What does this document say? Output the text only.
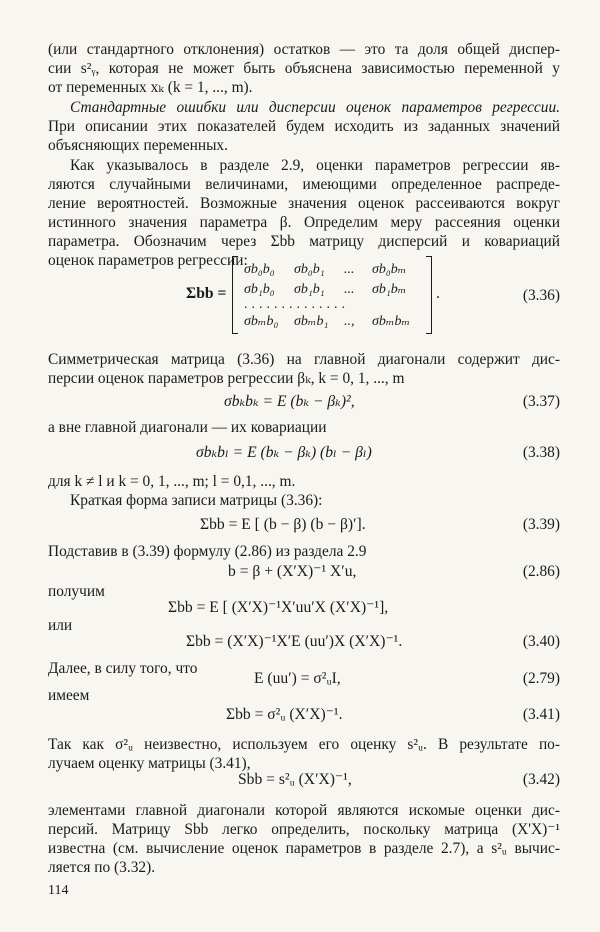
(или стандартного отклонения) остатков — это та доля общей диспер-
сии s²ᵧ, которая не может быть объяснена зависимостью переменной y
от переменных xₖ (k = 1, ..., m).
Стандартные ошибки или дисперсии оценок параметров регрессии.
При описании этих показателей будем исходить из заданных значений
объясняющих переменных.
Как указывалось в разделе 2.9, оценки параметров регрессии яв-
ляются случайными величинами, имеющими определенное распреде-
ление вероятностей. Возможные значения оценок рассеиваются вокруг
истинного значения параметра β. Определим меру рассеяния оценки
параметра. Обозначим через Σbb матрицу дисперсий и ковариаций
оценок параметров регрессии:
Σbb =
σb₀b₀ σb₀b₁ ... σb₀bₘ
σb₁b₀ σb₁b₁ ... σb₁bₘ
..............
σbₘb₀ σbₘb₁ .., σbₘbₘ
.	(3.36)
Симметрическая матрица (3.36) на главной диагонали содержит дис-
персии оценок параметров регрессии βₖ, k = 0, 1, ..., m
σbₖbₖ = E (bₖ − βₖ)²,	(3.37)
а вне главной диагонали — их ковариации
σbₖbₗ = E (bₖ − βₖ) (bₗ − βₗ)	(3.38)
для k ≠ l и k = 0, 1, ..., m; l = 0,1, ..., m.
Краткая форма записи матрицы (3.36):
Σbb = E [ (b − β) (b − β)′].	(3.39)
Подставив в (3.39) формулу (2.86) из раздела 2.9
b = β + (X′X)⁻¹ X′u,	(2.86)
получим
Σbb = E [ (X′X)⁻¹X′uu′X (X′X)⁻¹],
или
Σbb = (X′X)⁻¹X′E (uu′)X (X′X)⁻¹.	(3.40)
Далее, в силу того, что
E (uu′) = σ²ᵤI,	(2.79)
имеем
Σbb = σ²ᵤ (X′X)⁻¹.	(3.41)
Так как σ²ᵤ неизвестно, используем его оценку s²ᵤ. В результате по-
лучаем оценку матрицы (3.41),
Sbb = s²ᵤ (X′X)⁻¹,	(3.42)
элементами главной диагонали которой являются искомые оценки дис-
персий. Матрицу Sbb легко определить, поскольку матрица (X'X)⁻¹
известна (см. вычисление оценок параметров в разделе 2.7), а s²ᵤ вычис-
ляется по (3.32).
114
